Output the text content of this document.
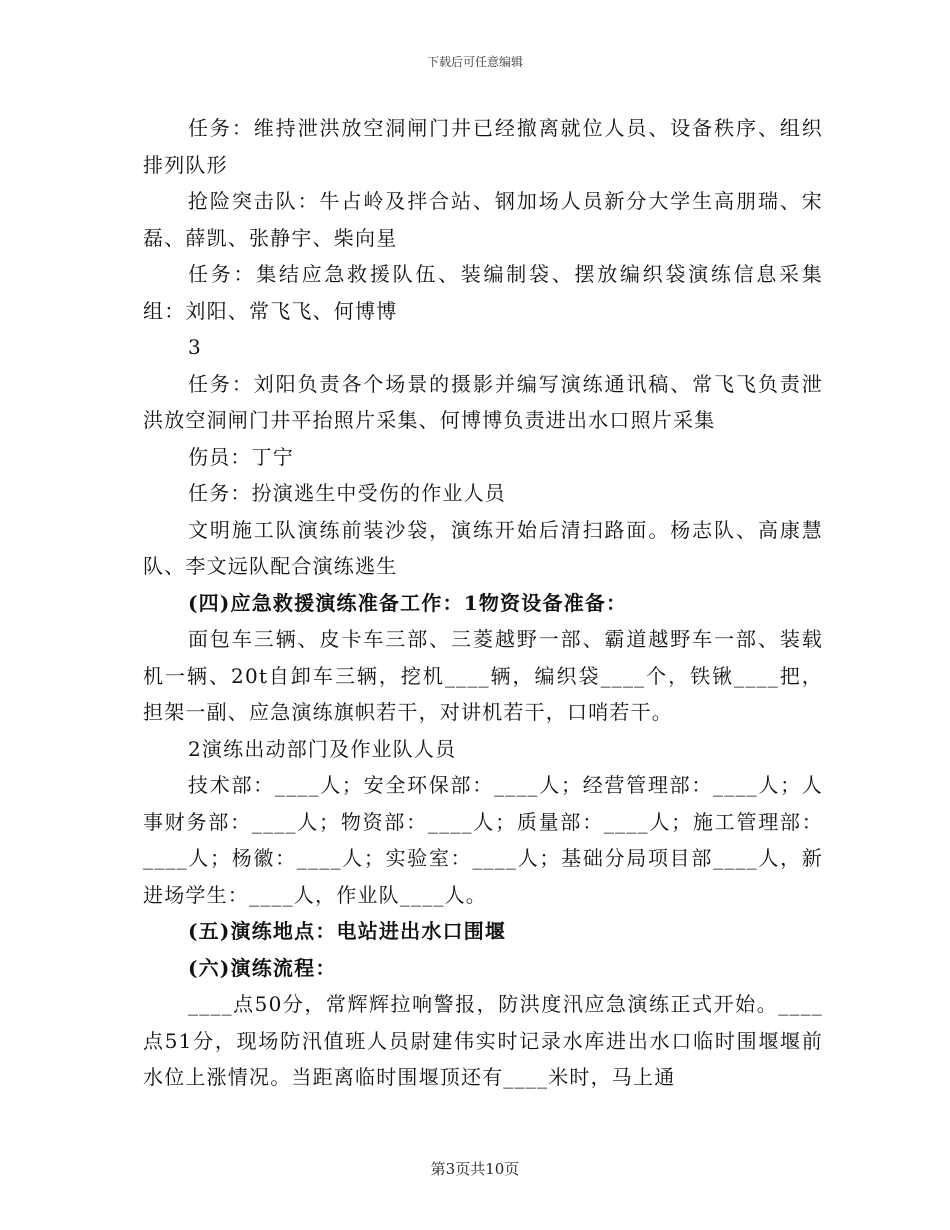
下载后可任意编辑

任务：维持泄洪放空洞闸门井已经撤离就位人员、设备秩序、组织排列队形

抢险突击队：牛占岭及拌合站、钢加场人员新分大学生高朋瑞、宋磊、薛凯、张静宇、柴向星

任务：集结应急救援队伍、装编制袋、摆放编织袋演练信息采集组：刘阳、常飞飞、何博博

3

任务：刘阳负责各个场景的摄影并编写演练通讯稿、常飞飞负责泄洪放空洞闸门井平抬照片采集、何博博负责进出水口照片采集

伤员：丁宁

任务：扮演逃生中受伤的作业人员

文明施工队演练前装沙袋，演练开始后清扫路面。杨志队、高康慧队、李文远队配合演练逃生

(四)应急救援演练准备工作：1物资设备准备：

面包车三辆、皮卡车三部、三菱越野一部、霸道越野车一部、装载机一辆、20t自卸车三辆，挖机____辆，编织袋____个，铁锹____把，担架一副、应急演练旗帜若干，对讲机若干，口哨若干。

2演练出动部门及作业队人员

技术部：____人；安全环保部：____人；经营管理部：____人；人事财务部：____人；物资部：____人；质量部：____人；施工管理部：____人；杨徽：____人；实验室：____人；基础分局项目部____人，新进场学生：____人，作业队____人。

(五)演练地点：电站进出水口围堰

(六)演练流程：

____点50分，常辉辉拉响警报，防洪度汛应急演练正式开始。____点51分，现场防汛值班人员尉建伟实时记录水库进出水口临时围堰堰前水位上涨情况。当距离临时围堰顶还有____米时，马上通

第3页共10页
